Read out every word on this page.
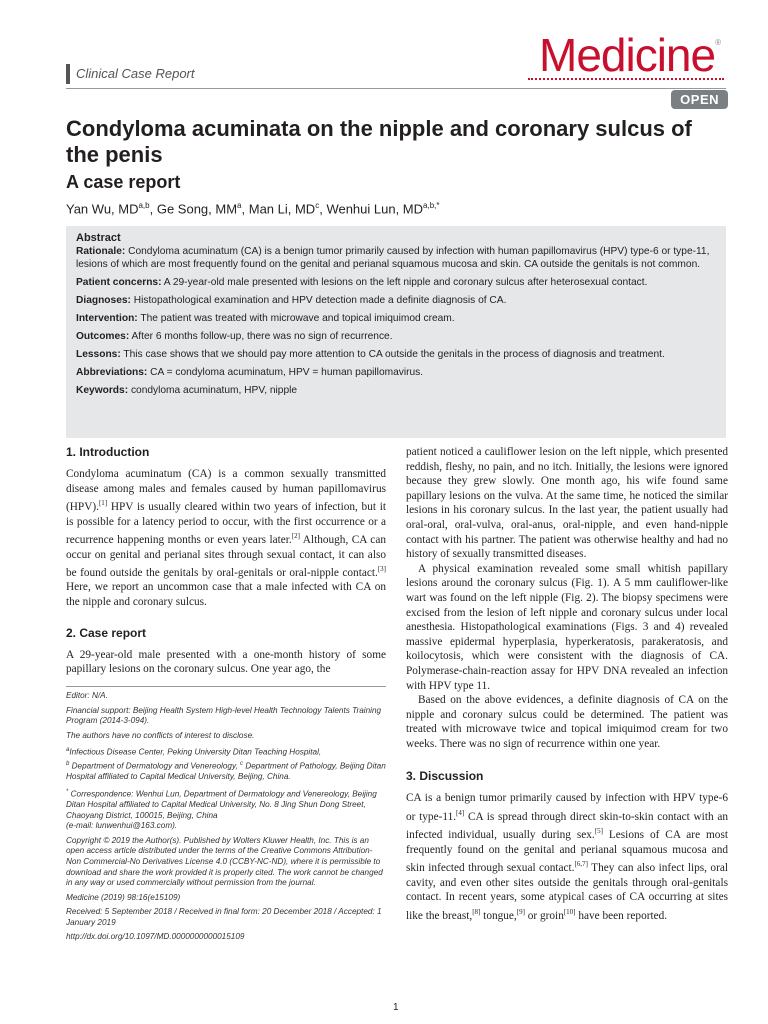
Clinical Case Report	Medicine®
OPEN
Condyloma acuminata on the nipple and coronary sulcus of the penis
A case report
Yan Wu, MD$^{a,b}$, Ge Song, $MM^a$, Man Li, $MD^c$, Wenhui Lun, $MD^{a,b,*}$
Abstract

Rationale: Condyloma acuminatum (CA) is a benign tumor primarily caused by infection with human papillomavirus (HPV) type-6 or type-11, lesions of which are most frequently found on the genital and perianal squamous mucosa and skin. CA outside the genitals is not common.

Patient concerns: A 29-year-old male presented with lesions on the left nipple and coronary sulcus after heterosexual contact.

Diagnoses: Histopathological examination and HPV detection made a definite diagnosis of CA.

Intervention: The patient was treated with microwave and topical imiquimod cream.

Outcomes: After 6 months follow-up, there was no sign of recurrence.

Lessons: This case shows that we should pay more attention to CA outside the genitals in the process of diagnosis and treatment.

Abbreviations: CA = condyloma acuminatum, HPV = human papillomavirus.

Keywords: condyloma acuminatum, HPV, nipple

1. Introduction

Condyloma acuminatum (CA) is a common sexually transmitted disease among males and females caused by human papillomavirus (HPV).[1] HPV is usually cleared within two years of infection, but it is possible for a latency period to occur, with the first occurrence or a recurrence happening months or even years later.[2] Although, CA can occur on genital and perianal sites through sexual contact, it can also be found outside the genitals by oral-genitals or oral-nipple contact.[3] Here, we report an uncommon case that a male infected with CA on the nipple and coronary sulcus.

2. Case report

A 29-year-old male presented with a one-month history of some papillary lesions on the coronary sulcus. One year ago, the

Editor: N/A.

Financial support: Beijing Health System High-level Health Technology Talents Training Program (2014-3-094).

The authors have no conflicts of interest to disclose.

$^a$Infectious Disease Center, Peking University Ditan Teaching Hospital,
$^b$ Department of Dermatology and Venereology, $^c$ Department of Pathology, Beijing Ditan Hospital affiliated to Capital Medical University, Beijing, China.

* Correspondence: Wenhui Lun, Department of Dermatology and Venereology, Beijing Ditan Hospital affiliated to Capital Medical University, No. 8 Jing Shun Dong Street, Chaoyang District, 100015, Beijing, China
(e-mail: lunwenhui@163.com).

Copyright © 2019 the Author(s). Published by Wolters Kluwer Health, Inc. This is an open access article distributed under the terms of the Creative Commons Attribution-Non Commercial-No Derivatives License 4.0 (CCBY-NC-ND), where it is permissible to download and share the work provided it is properly cited. The work cannot be changed in any way or used commercially without permission from the journal.

Medicine (2019) 98:16(e15109)

Received: 5 September 2018 / Received in final form: 20 December 2018 / Accepted: 1 January 2019

http://dx.doi.org/10.1097/MD.0000000000015109

patient noticed a cauliflower lesion on the left nipple, which presented reddish, fleshy, no pain, and no itch. Initially, the lesions were ignored because they grew slowly. One month ago, his wife found same papillary lesions on the vulva. At the same time, he noticed the similar lesions in his coronary sulcus. In the last year, the patient usually had oral-oral, oral-vulva, oral-anus, oral-nipple, and even hand-nipple contact with his partner. The patient was otherwise healthy and had no history of sexually transmitted diseases.

A physical examination revealed some small whitish papillary lesions around the coronary sulcus (Fig. 1). A 5 mm cauliflower-like wart was found on the left nipple (Fig. 2). The biopsy specimens were excised from the lesion of left nipple and coronary sulcus under local anesthesia. Histopathological examinations (Figs. 3 and 4) revealed massive epidermal hyperplasia, hyperkeratosis, parakeratosis, and koilocytosis, which were consistent with the diagnosis of CA. Polymerase-chain-reaction assay for HPV DNA revealed an infection with HPV type 11.

Based on the above evidences, a definite diagnosis of CA on the nipple and coronary sulcus could be determined. The patient was treated with microwave twice and topical imiquimod cream for two weeks. There was no sign of recurrence within one year.

3. Discussion

CA is a benign tumor primarily caused by infection with HPV type-6 or type-11.[4] CA is spread through direct skin-to-skin contact with an infected individual, usually during sex.[5] Lesions of CA are most frequently found on the genital and perianal squamous mucosa and skin infected through sexual contact.[6,7] They can also infect lips, oral cavity, and even other sites outside the genitals through oral-genitals contact. In recent years, some atypical cases of CA occurring at sites like the breast,[8] tongue,[9] or groin[10] have been reported.

1
